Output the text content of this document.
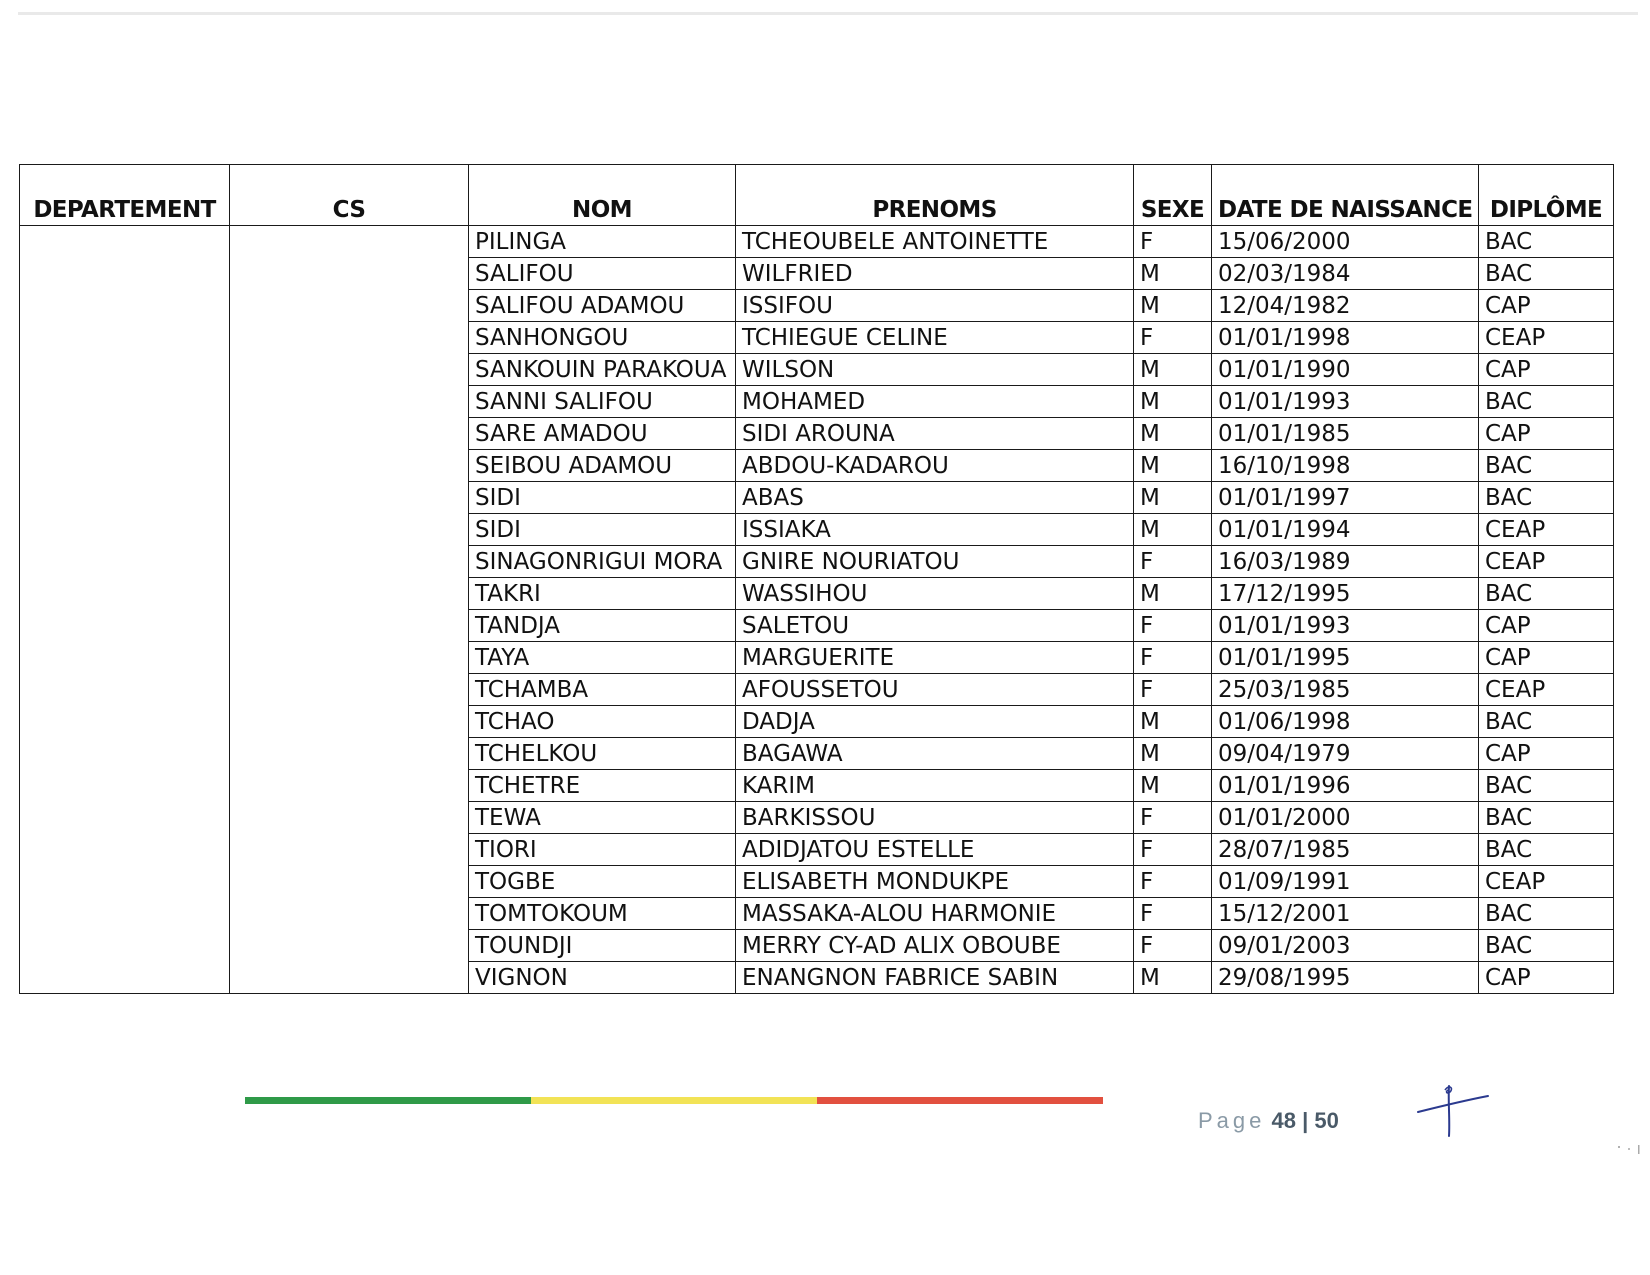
DEPARTEMENT	CS	NOM	PRENOMS	SEXE	DATE DE NAISSANCE	DIPLÔME
		PILINGA	TCHEOUBELE ANTOINETTE	F	15/06/2000	BAC
		SALIFOU	WILFRIED	M	02/03/1984	BAC
		SALIFOU ADAMOU	ISSIFOU	M	12/04/1982	CAP
		SANHONGOU	TCHIEGUE CELINE	F	01/01/1998	CEAP
		SANKOUIN PARAKOUA	WILSON	M	01/01/1990	CAP
		SANNI SALIFOU	MOHAMED	M	01/01/1993	BAC
		SARE AMADOU	SIDI AROUNA	M	01/01/1985	CAP
		SEIBOU ADAMOU	ABDOU-KADAROU	M	16/10/1998	BAC
		SIDI	ABAS	M	01/01/1997	BAC
		SIDI	ISSIAKA	M	01/01/1994	CEAP
		SINAGONRIGUI MORA	GNIRE NOURIATOU	F	16/03/1989	CEAP
		TAKRI	WASSIHOU	M	17/12/1995	BAC
		TANDJA	SALETOU	F	01/01/1993	CAP
		TAYA	MARGUERITE	F	01/01/1995	CAP
		TCHAMBA	AFOUSSETOU	F	25/03/1985	CEAP
		TCHAO	DADJA	M	01/06/1998	BAC
		TCHELKOU	BAGAWA	M	09/04/1979	CAP
		TCHETRE	KARIM	M	01/01/1996	BAC
		TEWA	BARKISSOU	F	01/01/2000	BAC
		TIORI	ADIDJATOU ESTELLE	F	28/07/1985	BAC
		TOGBE	ELISABETH MONDUKPE	F	01/09/1991	CEAP
		TOMTOKOUM	MASSAKA-ALOU HARMONIE	F	15/12/2001	BAC
		TOUNDJI	MERRY CY-AD ALIX OBOUBE	F	09/01/2003	BAC
		VIGNON	ENANGNON FABRICE SABIN	M	29/08/1995	CAP
Page 48 | 50
